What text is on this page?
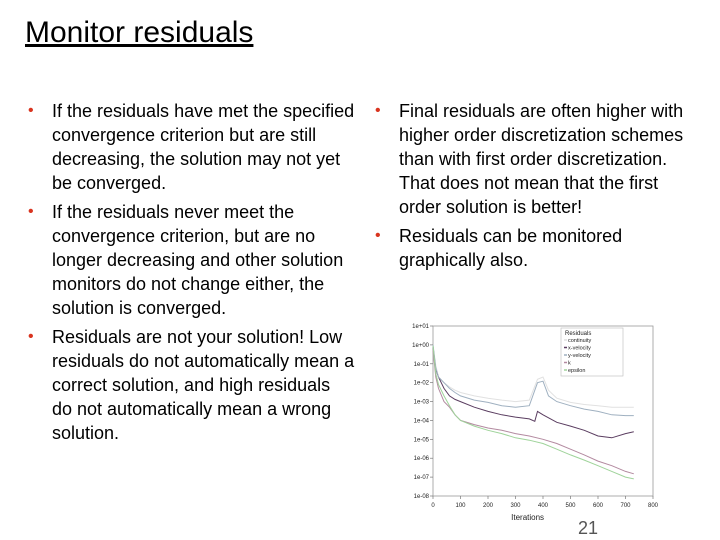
Monitor residuals
• If the residuals have met the specified convergence criterion but are still decreasing, the solution may not yet be converged.
• If the residuals never meet the convergence criterion, but are no longer decreasing and other solution monitors do not change either, the solution is converged.
• Residuals are not your solution! Low residuals do not automatically mean a correct solution, and high residuals do not automatically mean a wrong solution.
• Final residuals are often higher with higher order discretization schemes than with first order discretization. That does not mean that the first order solution is better!
• Residuals can be monitored graphically also.
1e+01
1e+00
1e-01
1e-02
1e-03
1e-04
1e-05
1e-06
1e-07
1e-08
0	100	200	300	400	500	600	700	800
Iterations
Residuals
continuity
x-velocity
y-velocity
k
epsilon
21
